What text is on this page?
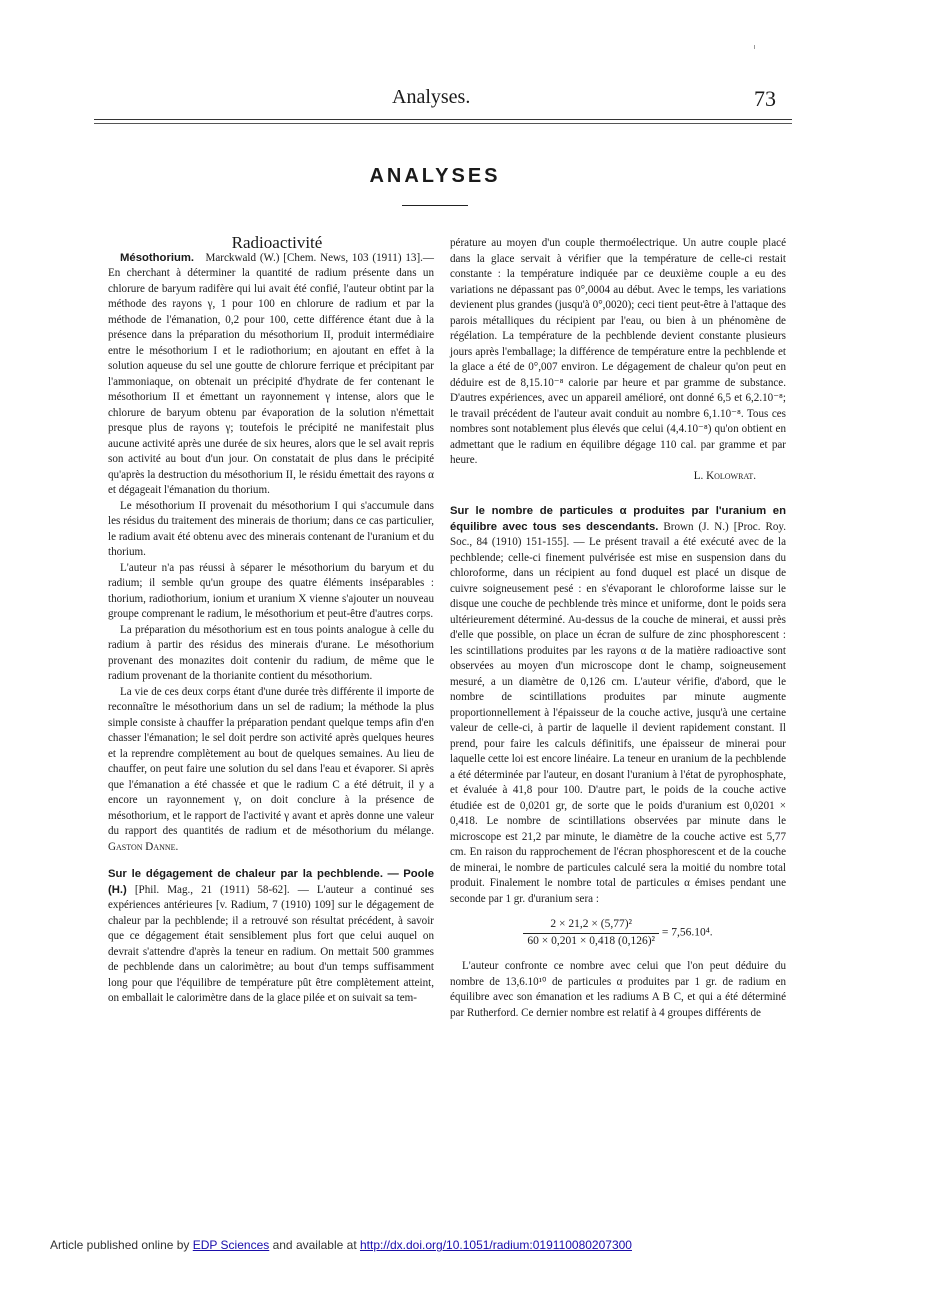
Analyses.	73
ANALYSES

Radioactivité

Mésothorium. Marckwald (W.) [Chem. News, 103 (1911) 13].— En cherchant à déterminer la quantité de radium présente dans un chlorure de baryum radifère qui lui avait été confié, l'auteur obtint par la méthode des rayons γ, 1 pour 100 en chlorure de radium et par la méthode de l'émanation, 0,2 pour 100, cette différence étant due à la présence dans la préparation du mésothorium II, produit intermédiaire entre le mésothorium I et le radiothorium; en ajoutant en effet à la solution aqueuse du sel une goutte de chlorure ferrique et précipitant par l'ammoniaque, on obtenait un précipité d'hydrate de fer contenant le mésothorium II et émettant un rayonnement γ intense, alors que le chlorure de baryum obtenu par évaporation de la solution n'émettait presque plus de rayons γ; toutefois le précipité ne manifestait plus aucune activité après une durée de six heures, alors que le sel avait repris son activité au bout d'un jour. On constatait de plus dans le précipité qu'après la destruction du mésothorium II, le résidu émettait des rayons α et dégageait l'émanation du thorium.

Le mésothorium II provenait du mésothorium I qui s'accumule dans les résidus du traitement des minerais de thorium; dans ce cas particulier, le radium avait été obtenu avec des minerais contenant de l'uranium et du thorium.

L'auteur n'a pas réussi à séparer le mésothorium du baryum et du radium; il semble qu'un groupe des quatre éléments inséparables : thorium, radiothorium, ionium et uranium X vienne s'ajouter un nouveau groupe comprenant le radium, le mésothorium et peut-être d'autres corps.

La préparation du mésothorium est en tous points analogue à celle du radium à partir des résidus des minerais d'urane. Le mésothorium provenant des monazites doit contenir du radium, de même que le radium provenant de la thorianite contient du mésothorium.

La vie de ces deux corps étant d'une durée très différente il importe de reconnaître le mésothorium dans un sel de radium; la méthode la plus simple consiste à chauffer la préparation pendant quelque temps afin d'en chasser l'émanation; le sel doit perdre son activité après quelques heures et la reprendre complètement au bout de quelques semaines. Au lieu de chauffer, on peut faire une solution du sel dans l'eau et évaporer. Si après que l'émanation a été chassée et que le radium C a été détruit, il y a encore un rayonnement γ, on doit conclure à la présence de mésothorium, et le rapport de l'activité γ avant et après donne une valeur du rapport des quantités de radium et de mésothorium du mélange. Gaston Danne.

Sur le dégagement de chaleur par la pechblende. — Poole (H.) [Phil. Mag., 21 (1911) 58-62]. — L'auteur a continué ses expériences antérieures [v. Radium, 7 (1910) 109] sur le dégagement de chaleur par la pechblende; il a retrouvé son résultat précédent, à savoir que ce dégagement était sensiblement plus fort que celui auquel on devrait s'attendre d'après la teneur en radium. On mettait 500 grammes de pechblende dans un calorimètre; au bout d'un temps suffisamment long pour que l'équilibre de température pût être complètement atteint, on emballait le calorimètre dans de la glace pilée et on suivait sa tem-

pérature au moyen d'un couple thermoélectrique. Un autre couple placé dans la glace servait à vérifier que la température de celle-ci restait constante : la température indiquée par ce deuxième couple a eu des variations ne dépassant pas 0°,0004 au début. Avec le temps, les variations devienent plus grandes (jusqu'à 0°,0020); ceci tient peut-être à l'attaque des parois métalliques du récipient par l'eau, ou bien à un phénomène de régélation. La température de la pechblende devient constante plusieurs jours après l'emballage; la différence de température entre la pechblende et la glace a été de 0°,007 environ. Le dégagement de chaleur qu'on peut en déduire est de 8,15.10⁻⁸ calorie par heure et par gramme de substance. D'autres expériences, avec un appareil amélioré, ont donné 6,5 et 6,2.10⁻⁸; le travail précédent de l'auteur avait conduit au nombre 6,1.10⁻⁸. Tous ces nombres sont notablement plus élevés que celui (4,4.10⁻⁸) qu'on obtient en admettant que le radium en équilibre dégage 110 cal. par gramme et par heure.

L. Kolowrat.

Sur le nombre de particules α produites par l'uranium en équilibre avec tous ses descendants. Brown (J. N.) [Proc. Roy. Soc., 84 (1910) 151-155]. — Le présent travail a été exécuté avec de la pechblende; celle-ci finement pulvérisée est mise en suspension dans du chloroforme, dans un récipient au fond duquel est placé un disque de cuivre soigneusement pesé : en s'évaporant le chloroforme laisse sur le disque une couche de pechblende très mince et uniforme, dont le poids sera ultérieurement déterminé. Au-dessus de la couche de minerai, et aussi près d'elle que possible, on place un écran de sulfure de zinc phosphorescent : les scintillations produites par les rayons α de la matière radioactive sont observées au moyen d'un microscope dont le champ, soigneusement mesuré, a un diamètre de 0,126 cm. L'auteur vérifie, d'abord, que le nombre de scintillations produites par minute augmente proportionnellement à l'épaisseur de la couche active, jusqu'à une certaine valeur de celle-ci, à partir de laquelle il devient rapidement constant. Il prend, pour faire les calculs définitifs, une épaisseur de minerai pour laquelle cette loi est encore linéaire. La teneur en uranium de la pechblende a été déterminée par l'auteur, en dosant l'uranium à l'état de pyrophosphate, et évaluée à 41,8 pour 100. D'autre part, le poids de la couche active étudiée est de 0,0201 gr, de sorte que le poids d'uranium est 0,0201 × 0,418. Le nombre de scintillations observées par minute dans le microscope est 21,2 par minute, le diamètre de la couche active est 5,77 cm. En raison du rapprochement de l'écran phosphorescent et de la couche de minerai, le nombre de particules calculé sera la moitié du nombre total produit. Finalement le nombre total de particules α émises pendant une seconde par 1 gr. d'uranium sera :

$\frac{\text{2 × 21,2 × (5,77)²}}{\text{60 × 0,201 × 0,418 (0,126)²}} = 7,56.10^4$.

L'auteur confronte ce nombre avec celui que l'on peut déduire du nombre de 13,6.10¹⁰ de particules α produites par 1 gr. de radium en équilibre avec son émanation et les radiums A B C, et qui a été déterminé par Rutherford. Ce dernier nombre est relatif à 4 groupes différents de

Article published online by EDP Sciences and available at http://dx.doi.org/10.1051/radium:019110080207300
